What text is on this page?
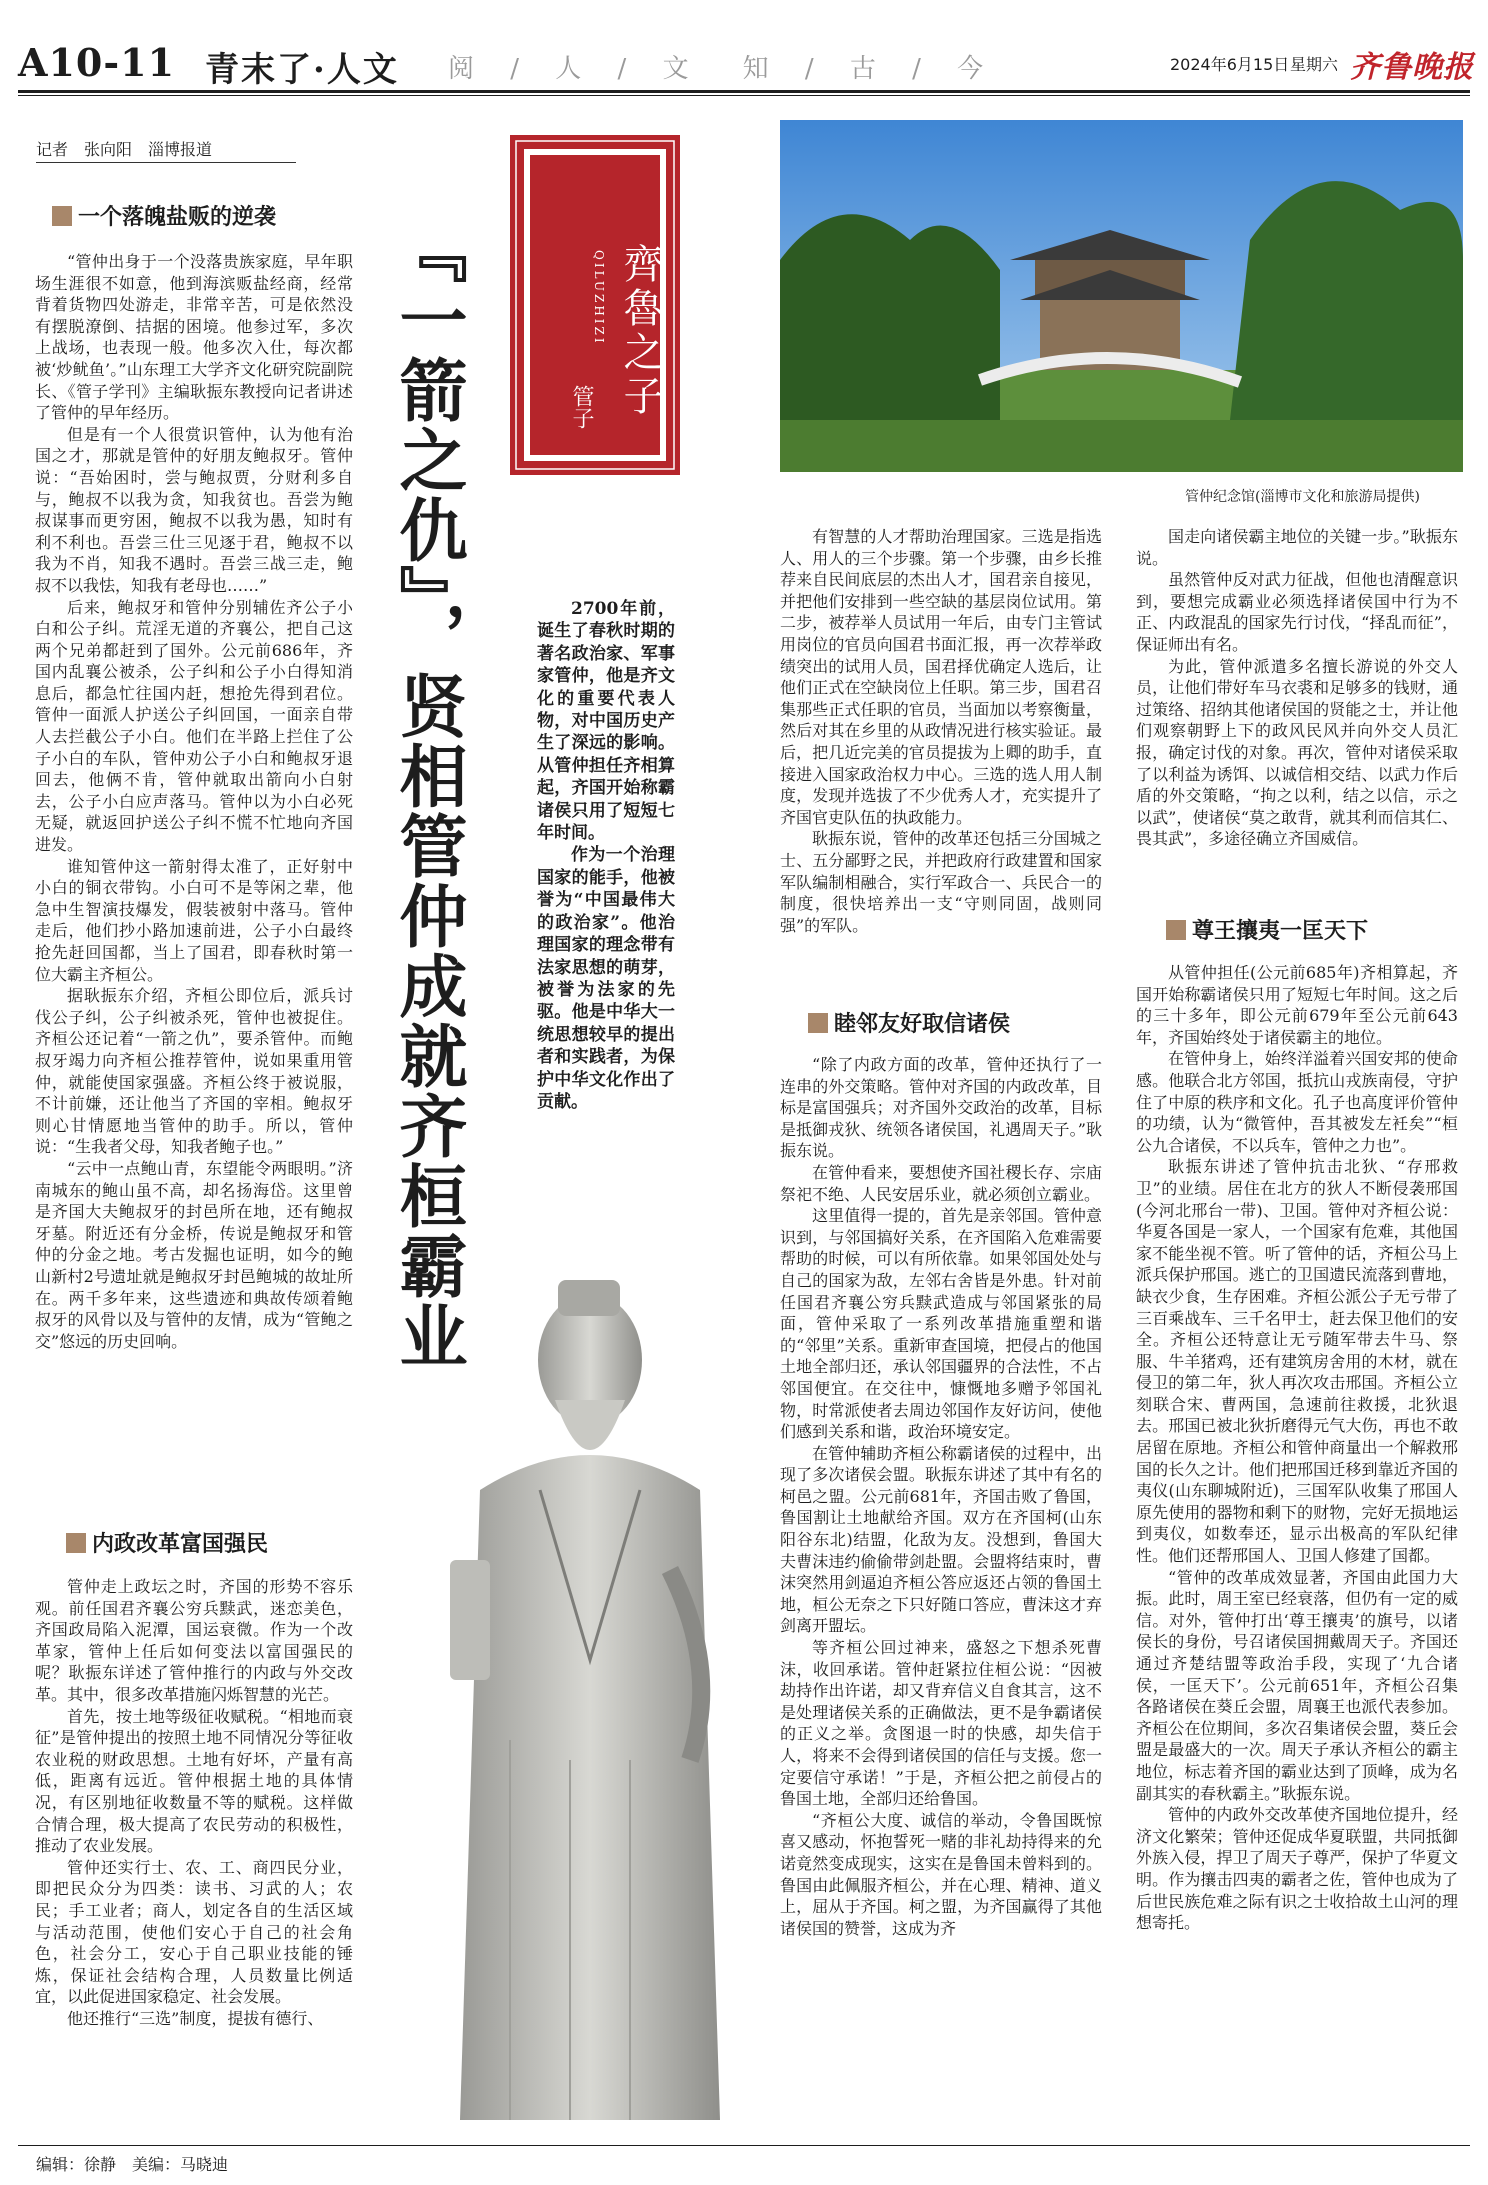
A10-11 青末了·人文 阅 / 人 / 文　知 / 古 / 今	2024年6月15日 星期六 齐鲁晚报
记者　张向阳　淄博报道
一个落魄盐贩的逆袭

“管仲出身于一个没落贵族家庭，早年职场生涯很不如意，他到海滨贩盐经商，经常背着货物四处游走，非常辛苦，可是依然没有摆脱潦倒、拮据的困境。他参过军，多次上战场，也表现一般。他多次入仕，每次都被‘炒鱿鱼’。”山东理工大学齐文化研究院副院长、《管子学刊》主编耿振东教授向记者讲述了管仲的早年经历。

但是有一个人很赏识管仲，认为他有治国之才，那就是管仲的好朋友鲍叔牙。管仲说：“吾始困时，尝与鲍叔贾，分财利多自与，鲍叔不以我为贪，知我贫也。吾尝为鲍叔谋事而更穷困，鲍叔不以我为愚，知时有利不利也。吾尝三仕三见逐于君，鲍叔不以我为不肖，知我不遇时。吾尝三战三走，鲍叔不以我怯，知我有老母也……”

后来，鲍叔牙和管仲分别辅佐齐公子小白和公子纠。荒淫无道的齐襄公，把自己这两个兄弟都赶到了国外。公元前686年，齐国内乱襄公被杀，公子纠和公子小白得知消息后，都急忙往国内赶，想抢先得到君位。管仲一面派人护送公子纠回国，一面亲自带人去拦截公子小白。他们在半路上拦住了公子小白的车队，管仲劝公子小白和鲍叔牙退回去，他俩不肯，管仲就取出箭向小白射去，公子小白应声落马。管仲以为小白必死无疑，就返回护送公子纠不慌不忙地向齐国进发。

谁知管仲这一箭射得太准了，正好射中小白的铜衣带钩。小白可不是等闲之辈，他急中生智演技爆发，假装被射中落马。管仲走后，他们抄小路加速前进，公子小白最终抢先赶回国都，当上了国君，即春秋时第一位大霸主齐桓公。

据耿振东介绍，齐桓公即位后，派兵讨伐公子纠，公子纠被杀死，管仲也被捉住。齐桓公还记着“一箭之仇”，要杀管仲。而鲍叔牙竭力向齐桓公推荐管仲，说如果重用管仲，就能使国家强盛。齐桓公终于被说服，不计前嫌，还让他当了齐国的宰相。鲍叔牙则心甘情愿地当管仲的助手。所以，管仲说：“生我者父母，知我者鲍子也。”

“云中一点鲍山青，东望能令两眼明。”济南城东的鲍山虽不高，却名扬海岱。这里曾是齐国大夫鲍叔牙的封邑所在地，还有鲍叔牙墓。附近还有分金桥，传说是鲍叔牙和管仲的分金之地。考古发掘也证明，如今的鲍山新村2号遗址就是鲍叔牙封邑鲍城的故址所在。两千多年来，这些遗迹和典故传颂着鲍叔牙的风骨以及与管仲的友情，成为“管鲍之交”悠远的历史回响。

内政改革富国强民

管仲走上政坛之时，齐国的形势不容乐观。前任国君齐襄公穷兵黩武，迷恋美色，齐国政局陷入泥潭，国运衰微。作为一个改革家，管仲上任后如何变法以富国强民的呢？耿振东详述了管仲推行的内政与外交改革。其中，很多改革措施闪烁智慧的光芒。

首先，按土地等级征收赋税。“相地而衰征”是管仲提出的按照土地不同情况分等征收农业税的财政思想。土地有好坏，产量有高低，距离有远近。管仲根据土地的具体情况，有区别地征收数量不等的赋税。这样做合情合理，极大提高了农民劳动的积极性，推动了农业发展。

管仲还实行士、农、工、商四民分业，即把民众分为四类：读书、习武的人；农民；手工业者；商人，划定各自的生活区域与活动范围，使他们安心于自己的社会角色，社会分工，安心于自己职业技能的锤炼，保证社会结构合理，人员数量比例适宜，以此促进国家稳定、社会发展。

他还推行“三选”制度，提拔有德行、

『一箭之仇』，贤相管仲成就齐桓霸业	齊魯之子
QILUZHIZI
管子

2700年前，诞生了春秋时期的著名政治家、军事家管仲，他是齐文化的重要代表人物，对中国历史产生了深远的影响。从管仲担任齐相算起，齐国开始称霸诸侯只用了短短七年时间。

作为一个治理国家的能手，他被誉为“中国最伟大的政治家”。他治理国家的理念带有法家思想的萌芽，被誉为法家的先驱。他是中华大一统思想较早的提出者和实践者，为保护中华文化作出了贡献。

管仲纪念馆(淄博市文化和旅游局提供)

有智慧的人才帮助治理国家。三选是指选人、用人的三个步骤。第一个步骤，由乡长推荐来自民间底层的杰出人才，国君亲自接见，并把他们安排到一些空缺的基层岗位试用。第二步，被荐举人员试用一年后，由专门主管试用岗位的官员向国君书面汇报，再一次荐举政绩突出的试用人员，国君择优确定人选后，让他们正式在空缺岗位上任职。第三步，国君召集那些正式任职的官员，当面加以考察衡量，然后对其在乡里的从政情况进行核实验证。最后，把几近完美的官员提拔为上卿的助手，直接进入国家政治权力中心。三选的选人用人制度，发现并选拔了不少优秀人才，充实提升了齐国官吏队伍的执政能力。

耿振东说，管仲的改革还包括三分国城之士、五分鄙野之民，并把政府行政建置和国家军队编制相融合，实行军政合一、兵民合一的制度，很快培养出一支“守则同固，战则同强”的军队。

睦邻友好取信诸侯

“除了内政方面的改革，管仲还执行了一连串的外交策略。管仲对齐国的内政改革，目标是富国强兵；对齐国外交政治的改革，目标是抵御戎狄、统领各诸侯国，礼遇周天子。”耿振东说。

在管仲看来，要想使齐国社稷长存、宗庙祭祀不绝、人民安居乐业，就必须创立霸业。

这里值得一提的，首先是亲邻国。管仲意识到，与邻国搞好关系，在齐国陷入危难需要帮助的时候，可以有所依靠。如果邻国处处与自己的国家为敌，左邻右舍皆是外患。针对前任国君齐襄公穷兵黩武造成与邻国紧张的局面，管仲采取了一系列改革措施重塑和谐的“邻里”关系。重新审查国境，把侵占的他国土地全部归还，承认邻国疆界的合法性，不占邻国便宜。在交往中，慷慨地多赠予邻国礼物，时常派使者去周边邻国作友好访问，使他们感到关系和谐，政治环境安定。

在管仲辅助齐桓公称霸诸侯的过程中，出现了多次诸侯会盟。耿振东讲述了其中有名的柯邑之盟。公元前681年，齐国击败了鲁国，鲁国割让土地献给齐国。双方在齐国柯(山东阳谷东北)结盟，化敌为友。没想到，鲁国大夫曹沫违约偷偷带剑赴盟。会盟将结束时，曹沫突然用剑逼迫齐桓公答应返还占领的鲁国土地，桓公无奈之下只好随口答应，曹沫这才弃剑离开盟坛。

等齐桓公回过神来，盛怒之下想杀死曹沫，收回承诺。管仲赶紧拉住桓公说：“因被劫持作出许诺，却又背弃信义自食其言，这不是处理诸侯关系的正确做法，更不是争霸诸侯的正义之举。贪图退一时的快感，却失信于人，将来不会得到诸侯国的信任与支援。您一定要信守承诺！”于是，齐桓公把之前侵占的鲁国土地，全部归还给鲁国。

“齐桓公大度、诚信的举动，令鲁国既惊喜又感动，怀抱誓死一赌的非礼劫持得来的允诺竟然变成现实，这实在是鲁国未曾料到的。鲁国由此佩服齐桓公，并在心理、精神、道义上，屈从于齐国。柯之盟，为齐国赢得了其他诸侯国的赞誉，这成为齐

国走向诸侯霸主地位的关键一步。”耿振东说。

虽然管仲反对武力征战，但他也清醒意识到，要想完成霸业必须选择诸侯国中行为不正、内政混乱的国家先行讨伐，“择乱而征”，保证师出有名。

为此，管仲派遣多名擅长游说的外交人员，让他们带好车马衣裘和足够多的钱财，通过策络、招纳其他诸侯国的贤能之士，并让他们观察朝野上下的政风民风并向外交人员汇报，确定讨伐的对象。再次，管仲对诸侯采取了以利益为诱饵、以诚信相交结、以武力作后盾的外交策略，“拘之以利，结之以信，示之以武”，使诸侯“莫之敢背，就其利而信其仁、畏其武”，多途径确立齐国威信。

尊王攘夷一匡天下

从管仲担任(公元前685年)齐相算起，齐国开始称霸诸侯只用了短短七年时间。这之后的三十多年，即公元前679年至公元前643年，齐国始终处于诸侯霸主的地位。

在管仲身上，始终洋溢着兴国安邦的使命感。他联合北方邻国，抵抗山戎族南侵，守护住了中原的秩序和文化。孔子也高度评价管仲的功绩，认为“微管仲，吾其被发左衽矣”“桓公九合诸侯，不以兵车，管仲之力也”。

耿振东讲述了管仲抗击北狄、“存邢救卫”的业绩。居住在北方的狄人不断侵袭邢国(今河北邢台一带)、卫国。管仲对齐桓公说：华夏各国是一家人，一个国家有危难，其他国家不能坐视不管。听了管仲的话，齐桓公马上派兵保护邢国。逃亡的卫国遗民流落到曹地，缺衣少食，生存困难。齐桓公派公子无亏带了三百乘战车、三千名甲士，赶去保卫他们的安全。齐桓公还特意让无亏随军带去牛马、祭服、牛羊猪鸡，还有建筑房舍用的木材，就在侵卫的第二年，狄人再次攻击邢国。齐桓公立刻联合宋、曹两国，急速前往救援，北狄退去。邢国已被北狄折磨得元气大伤，再也不敢居留在原地。齐桓公和管仲商量出一个解救邢国的长久之计。他们把邢国迁移到靠近齐国的夷仪(山东聊城附近)，三国军队收集了邢国人原先使用的器物和剩下的财物，完好无损地运到夷仪，如数奉还，显示出极高的军队纪律性。他们还帮邢国人、卫国人修建了国都。

“管仲的改革成效显著，齐国由此国力大振。此时，周王室已经衰落，但仍有一定的威信。对外，管仲打出‘尊王攘夷’的旗号，以诸侯长的身份，号召诸侯国拥戴周天子。齐国还通过齐楚结盟等政治手段，实现了‘九合诸侯，一匡天下’。公元前651年，齐桓公召集各路诸侯在葵丘会盟，周襄王也派代表参加。齐桓公在位期间，多次召集诸侯会盟，葵丘会盟是最盛大的一次。周天子承认齐桓公的霸主地位，标志着齐国的霸业达到了顶峰，成为名副其实的春秋霸主。”耿振东说。

管仲的内政外交改革使齐国地位提升，经济文化繁荣；管仲还促成华夏联盟，共同抵御外族入侵，捍卫了周天子尊严，保护了华夏文明。作为攘击四夷的霸者之佐，管仲也成为了后世民族危难之际有识之士收拾故土山河的理想寄托。

编辑：徐静　美编：马晓迪
